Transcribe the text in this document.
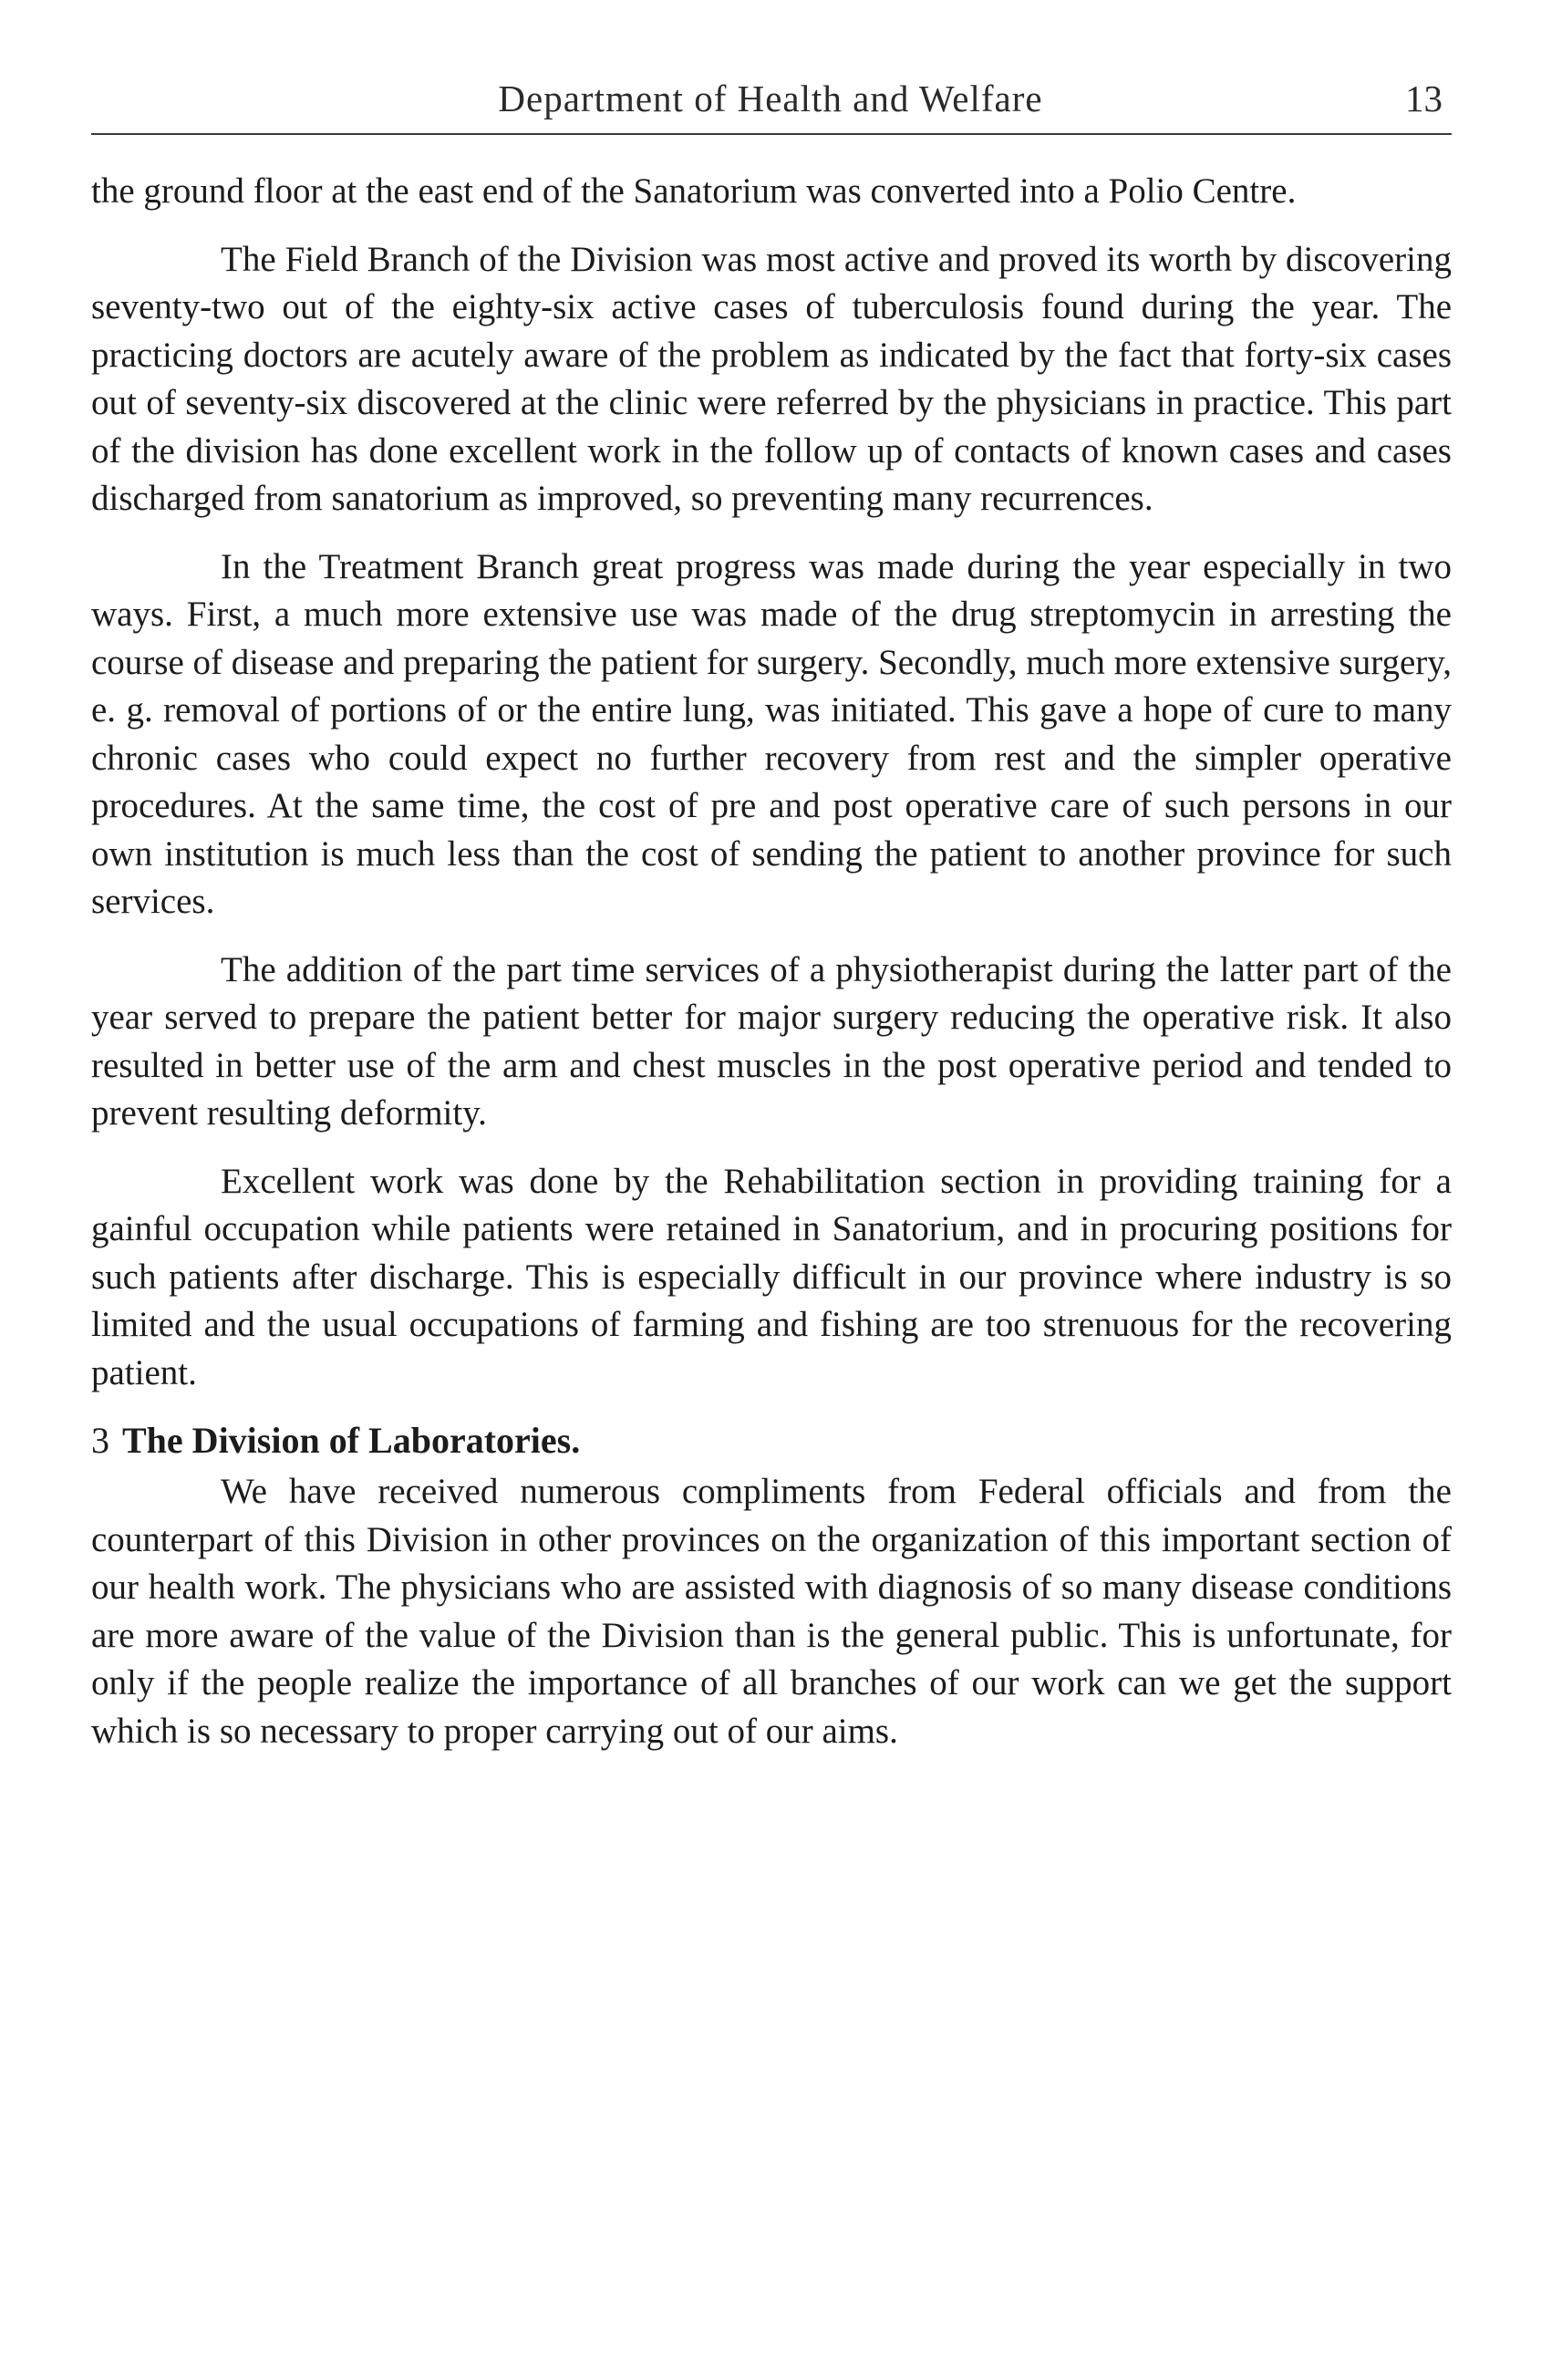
Department of Health and Welfare	13

the ground floor at the east end of the Sanatorium was converted into a Polio Centre.

The Field Branch of the Division was most active and proved its worth by discovering seventy-two out of the eighty-six active cases of tuberculosis found during the year. The practicing doctors are acutely aware of the problem as indicated by the fact that forty-six cases out of seventy-six discovered at the clinic were referred by the physicians in practice. This part of the division has done excellent work in the follow up of contacts of known cases and cases discharged from sanatorium as improved, so preventing many recurrences.

In the Treatment Branch great progress was made during the year especially in two ways. First, a much more extensive use was made of the drug streptomycin in arresting the course of disease and preparing the patient for surgery. Secondly, much more extensive surgery, e. g. removal of portions of or the entire lung, was initiated. This gave a hope of cure to many chronic cases who could expect no further recovery from rest and the simpler operative procedures. At the same time, the cost of pre and post operative care of such persons in our own institution is much less than the cost of sending the patient to another province for such services.

The addition of the part time services of a physiotherapist during the latter part of the year served to prepare the patient better for major surgery reducing the operative risk. It also resulted in better use of the arm and chest muscles in the post operative period and tended to prevent resulting deformity.

Excellent work was done by the Rehabilitation section in providing training for a gainful occupation while patients were retained in Sanatorium, and in procuring positions for such patients after discharge. This is especially difficult in our province where industry is so limited and the usual occupations of farming and fishing are too strenuous for the recovering patient.

3 The Division of Laboratories.

We have received numerous compliments from Federal officials and from the counterpart of this Division in other provinces on the organization of this important section of our health work. The physicians who are assisted with diagnosis of so many disease conditions are more aware of the value of the Division than is the general public. This is unfortunate, for only if the people realize the importance of all branches of our work can we get the support which is so necessary to proper carrying out of our aims.
